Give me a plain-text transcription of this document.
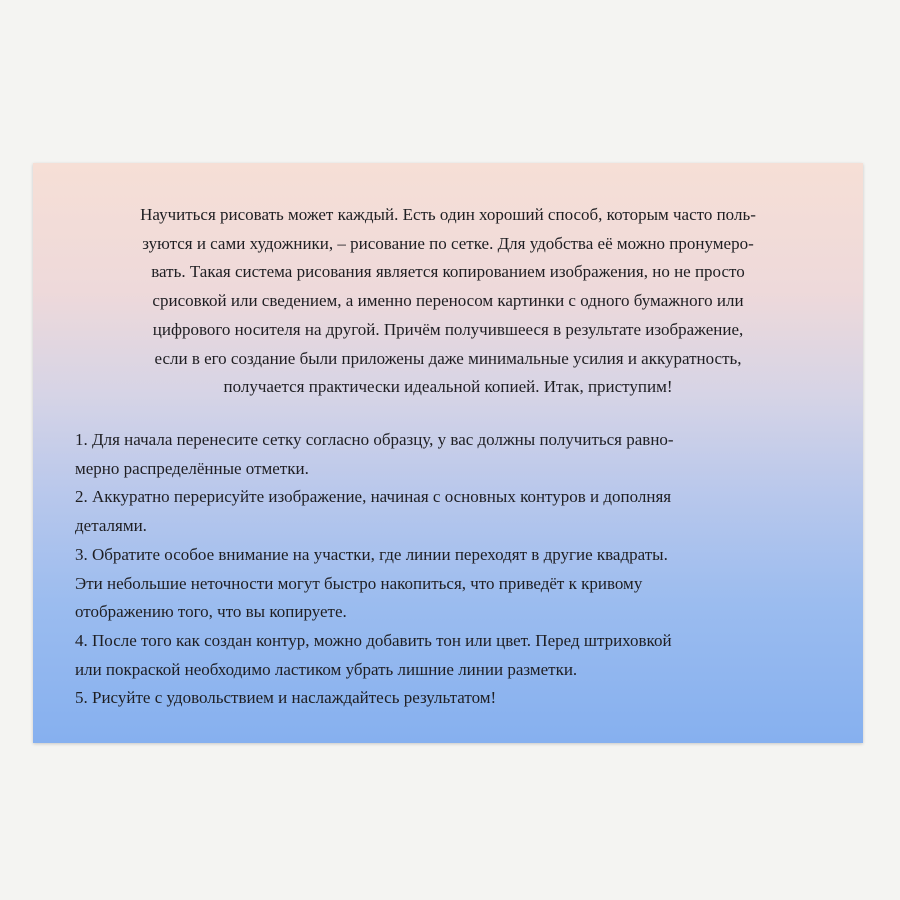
Научиться рисовать может каждый. Есть один хороший способ, которым часто поль-
зуются и сами художники, – рисование по сетке. Для удобства её можно пронумеро-
вать. Такая система рисования является копированием изображения, но не просто
срисовкой или сведением, а именно переносом картинки с одного бумажного или
цифрового носителя на другой. Причём получившееся в результате изображение,
если в его создание были приложены даже минимальные усилия и аккуратность,
получается практически идеальной копией. Итак, приступим!

1. Для начала перенесите сетку согласно образцу, у вас должны получиться равно-
мерно распределённые отметки.
2. Аккуратно перерисуйте изображение, начиная с основных контуров и дополняя
деталями.
3. Обратите особое внимание на участки, где линии переходят в другие квадраты.
Эти небольшие неточности могут быстро накопиться, что приведёт к кривому
отображению того, что вы копируете.
4. После того как создан контур, можно добавить тон или цвет. Перед штриховкой
или покраской необходимо ластиком убрать лишние линии разметки.
5. Рисуйте с удовольствием и наслаждайтесь результатом!
